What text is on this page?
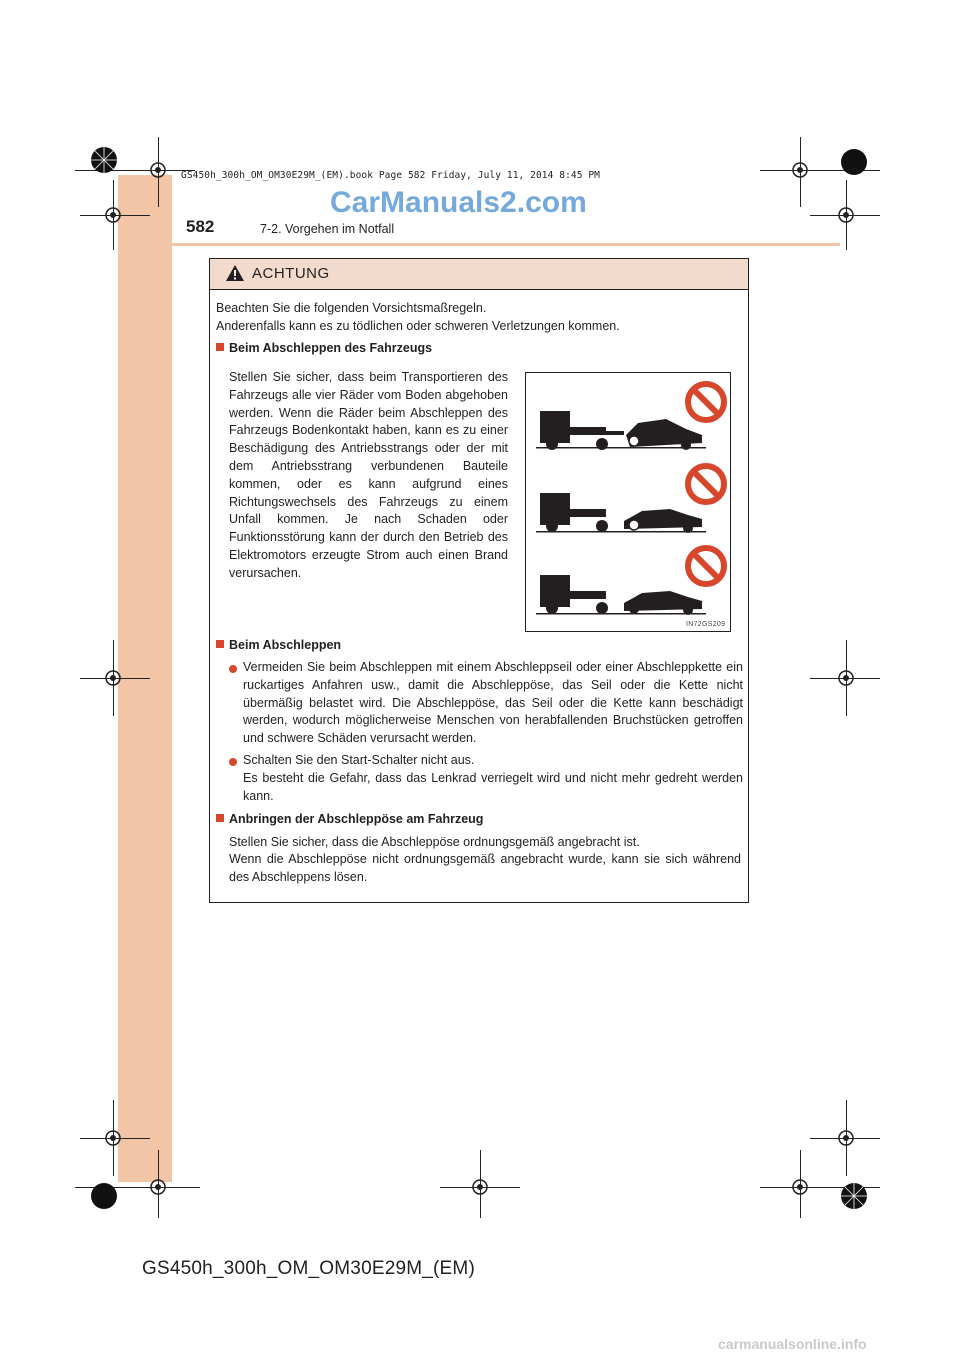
GS450h_300h_OM_OM30E29M_(EM).book Page 582 Friday, July 11, 2014 8:45 PM
CarManuals2.com
582	7-2. Vorgehen im Notfall
ACHTUNG
Beachten Sie die folgenden Vorsichtsmaßregeln.
Anderenfalls kann es zu tödlichen oder schweren Verletzungen kommen.
Beim Abschleppen des Fahrzeugs
Stellen Sie sicher, dass beim Transportieren des Fahrzeugs alle vier Räder vom Boden abgehoben werden. Wenn die Räder beim Abschleppen des Fahrzeugs Bodenkontakt haben, kann es zu einer Beschädigung des Antriebsstrangs oder der mit dem Antriebsstrang verbundenen Bauteile kommen, oder es kann aufgrund eines Richtungswechsels des Fahrzeugs zu einem Unfall kommen. Je nach Schaden oder Funktionsstörung kann der durch den Betrieb des Elektromotors erzeugte Strom auch einen Brand verursachen.
IN72GS209
Beim Abschleppen
Vermeiden Sie beim Abschleppen mit einem Abschleppseil oder einer Abschleppkette ein ruckartiges Anfahren usw., damit die Abschleppöse, das Seil oder die Kette nicht übermäßig belastet wird. Die Abschleppöse, das Seil oder die Kette kann beschädigt werden, wodurch möglicherweise Menschen von herabfallenden Bruchstücken getroffen und schwere Schäden verursacht werden.
Schalten Sie den Start-Schalter nicht aus.
Es besteht die Gefahr, dass das Lenkrad verriegelt wird und nicht mehr gedreht werden kann.
Anbringen der Abschleppöse am Fahrzeug
Stellen Sie sicher, dass die Abschleppöse ordnungsgemäß angebracht ist.
Wenn die Abschleppöse nicht ordnungsgemäß angebracht wurde, kann sie sich während des Abschleppens lösen.
GS450h_300h_OM_OM30E29M_(EM)
carmanualsonline.info
